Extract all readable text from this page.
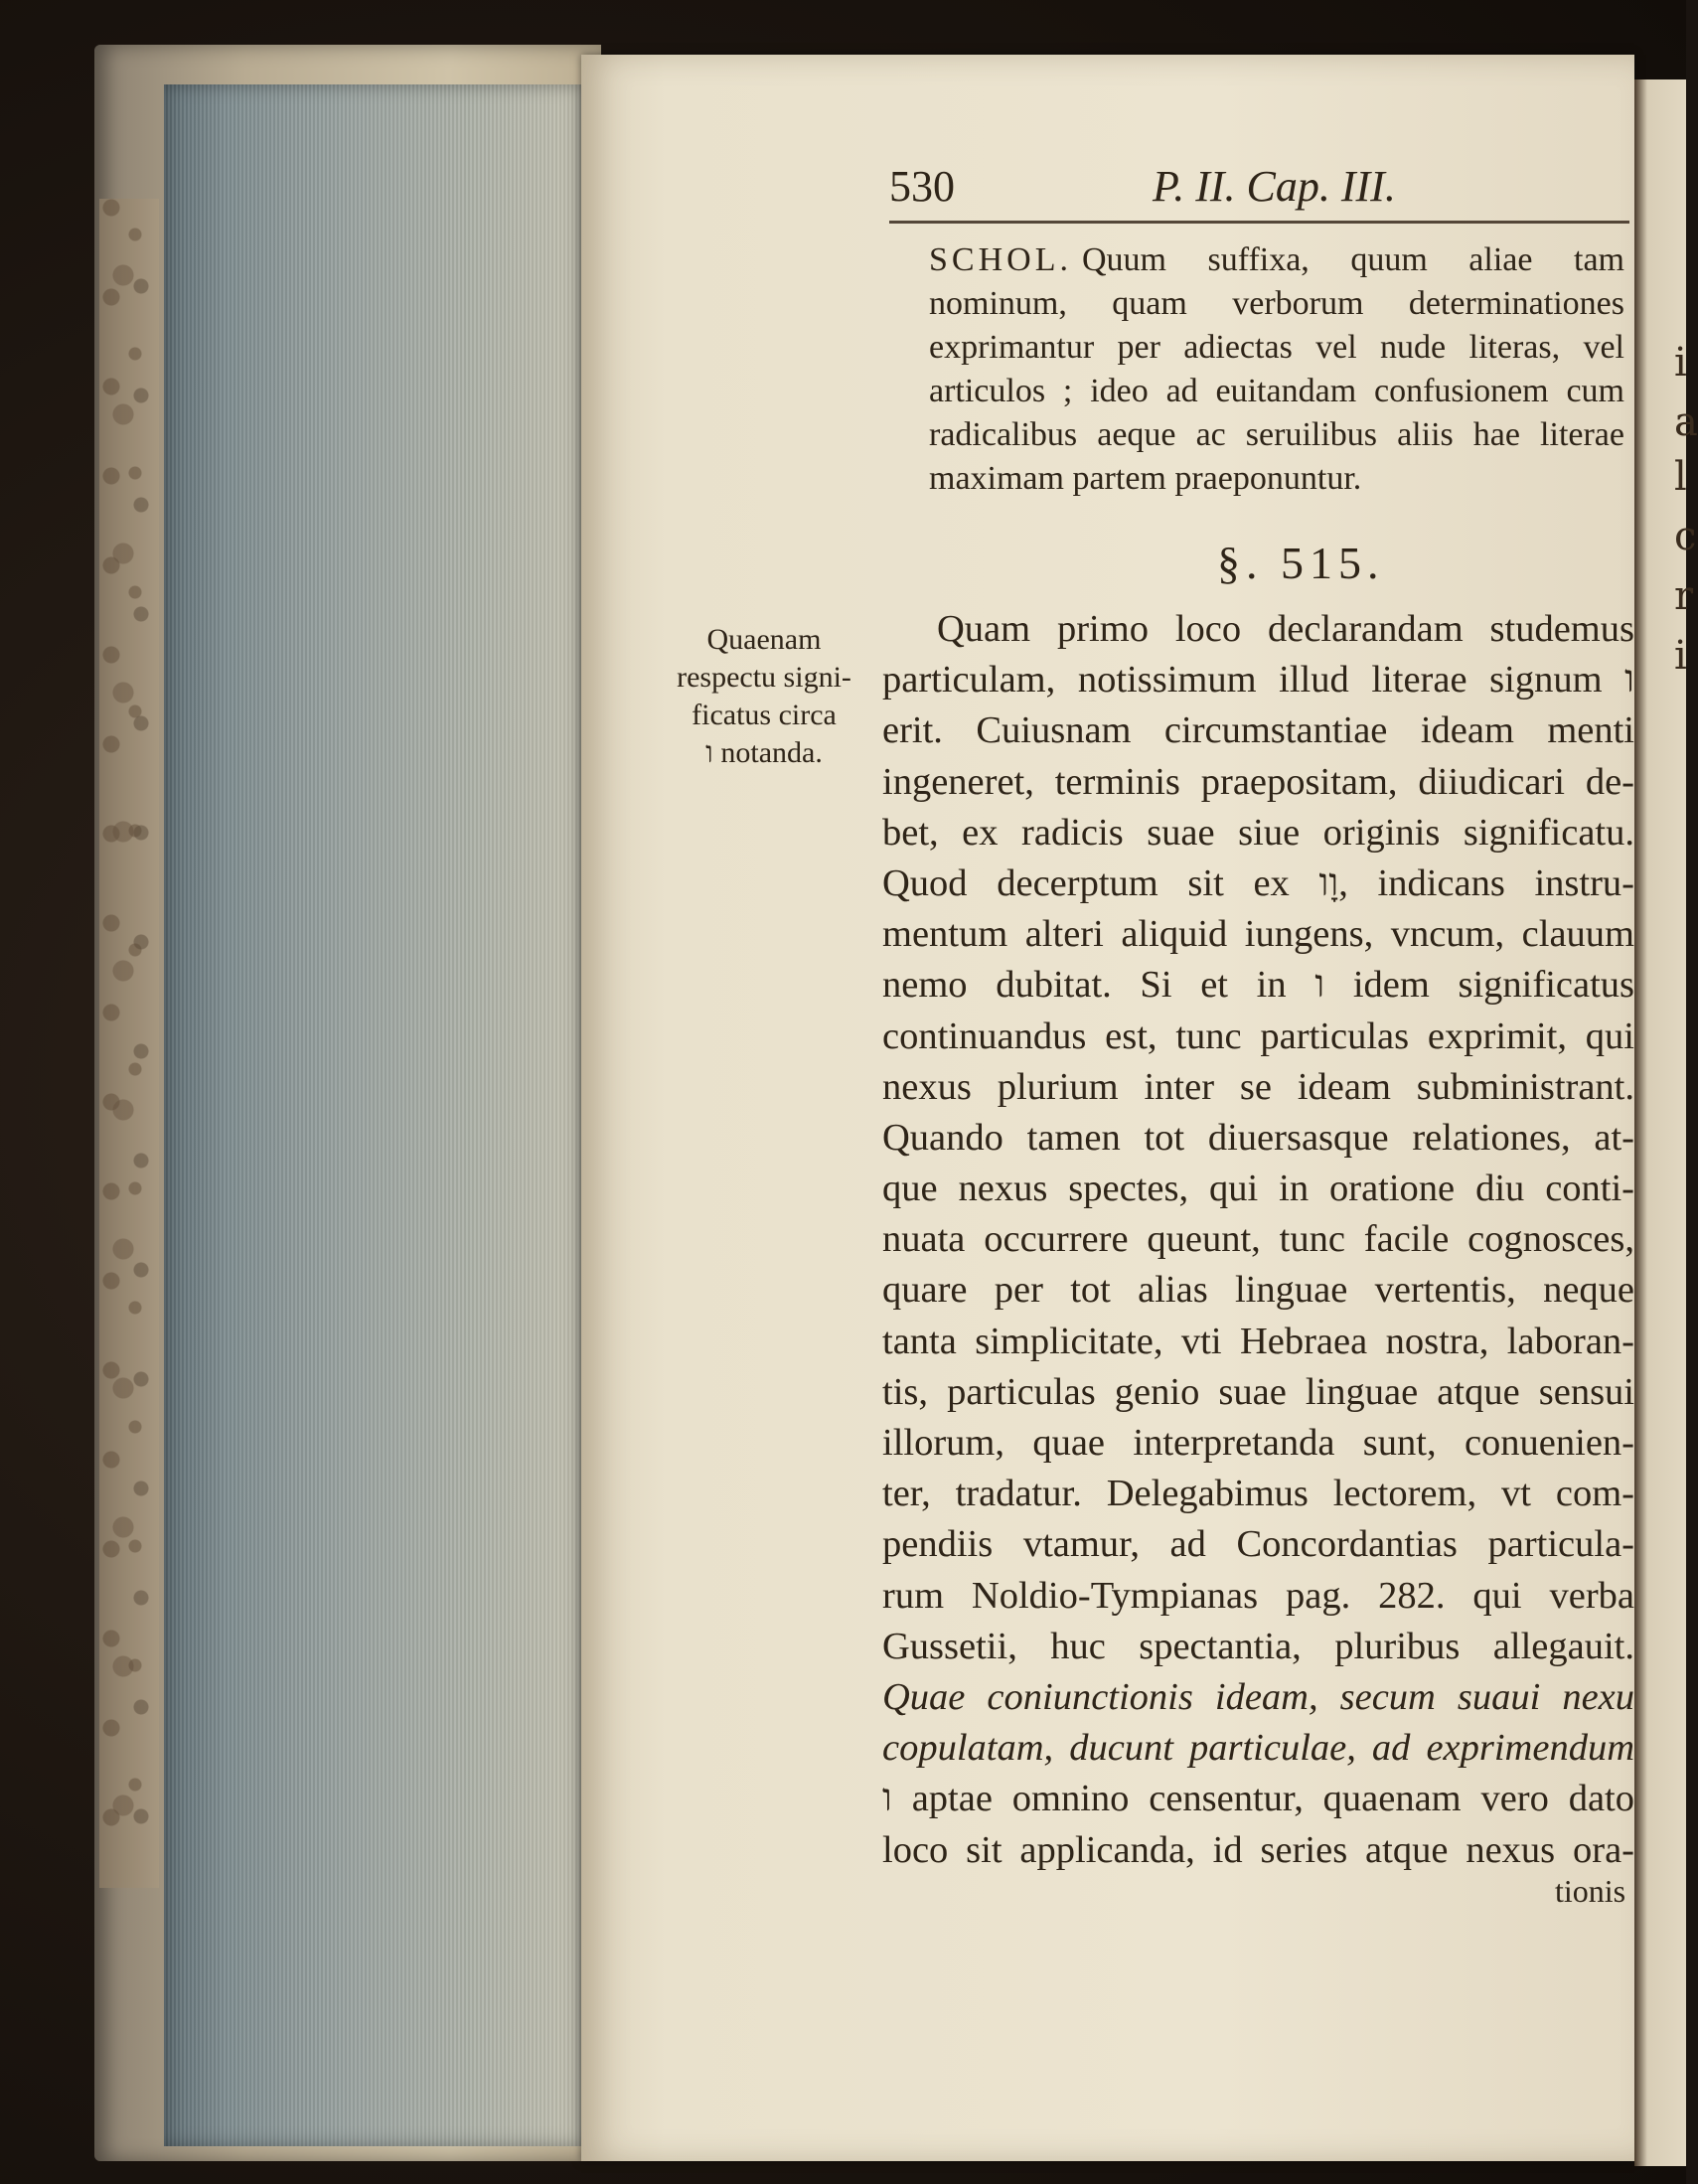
i
a
l
c
r
i
530	P. II. Cap. III.
SCHOL. Quum suffixa, quum aliae tam nominum, quam verborum determinationes exprimantur per adiectas vel nude literas, vel articulos ; ideo ad euitandam confusionem cum radicalibus aeque ac seruilibus aliis hae literae maximam partem praeponuntur.
§. 515.
Quaenam
respectu signi-
ficatus circa
ו notanda.
Quam primo loco declarandam studemus
particulam, notissimum illud literae signum ו
erit. Cuiusnam circumstantiae ideam menti
ingeneret, terminis praepositam, diiudicari de-
bet, ex radicis suae siue originis significatu.
Quod decerptum sit ex וָו, indicans instru-
mentum alteri aliquid iungens, vncum, clauum
nemo dubitat. Si et in ו idem significatus
continuandus est, tunc particulas exprimit, qui
nexus plurium inter se ideam subministrant.
Quando tamen tot diuersasque relationes, at-
que nexus spectes, qui in oratione diu conti-
nuata occurrere queunt, tunc facile cognosces,
quare per tot alias linguae vertentis, neque
tanta simplicitate, vti Hebraea nostra, laboran-
tis, particulas genio suae linguae atque sensui
illorum, quae interpretanda sunt, conuenien-
ter, tradatur. Delegabimus lectorem, vt com-
pendiis vtamur, ad Concordantias particula-
rum Noldio-Tympianas pag. 282. qui verba
Gussetii, huc spectantia, pluribus allegauit.
Quae coniunctionis ideam, secum suaui nexu
copulatam, ducunt particulae, ad exprimendum
ו aptae omnino censentur, quaenam vero dato
loco sit applicanda, id series atque nexus ora-
tionis
